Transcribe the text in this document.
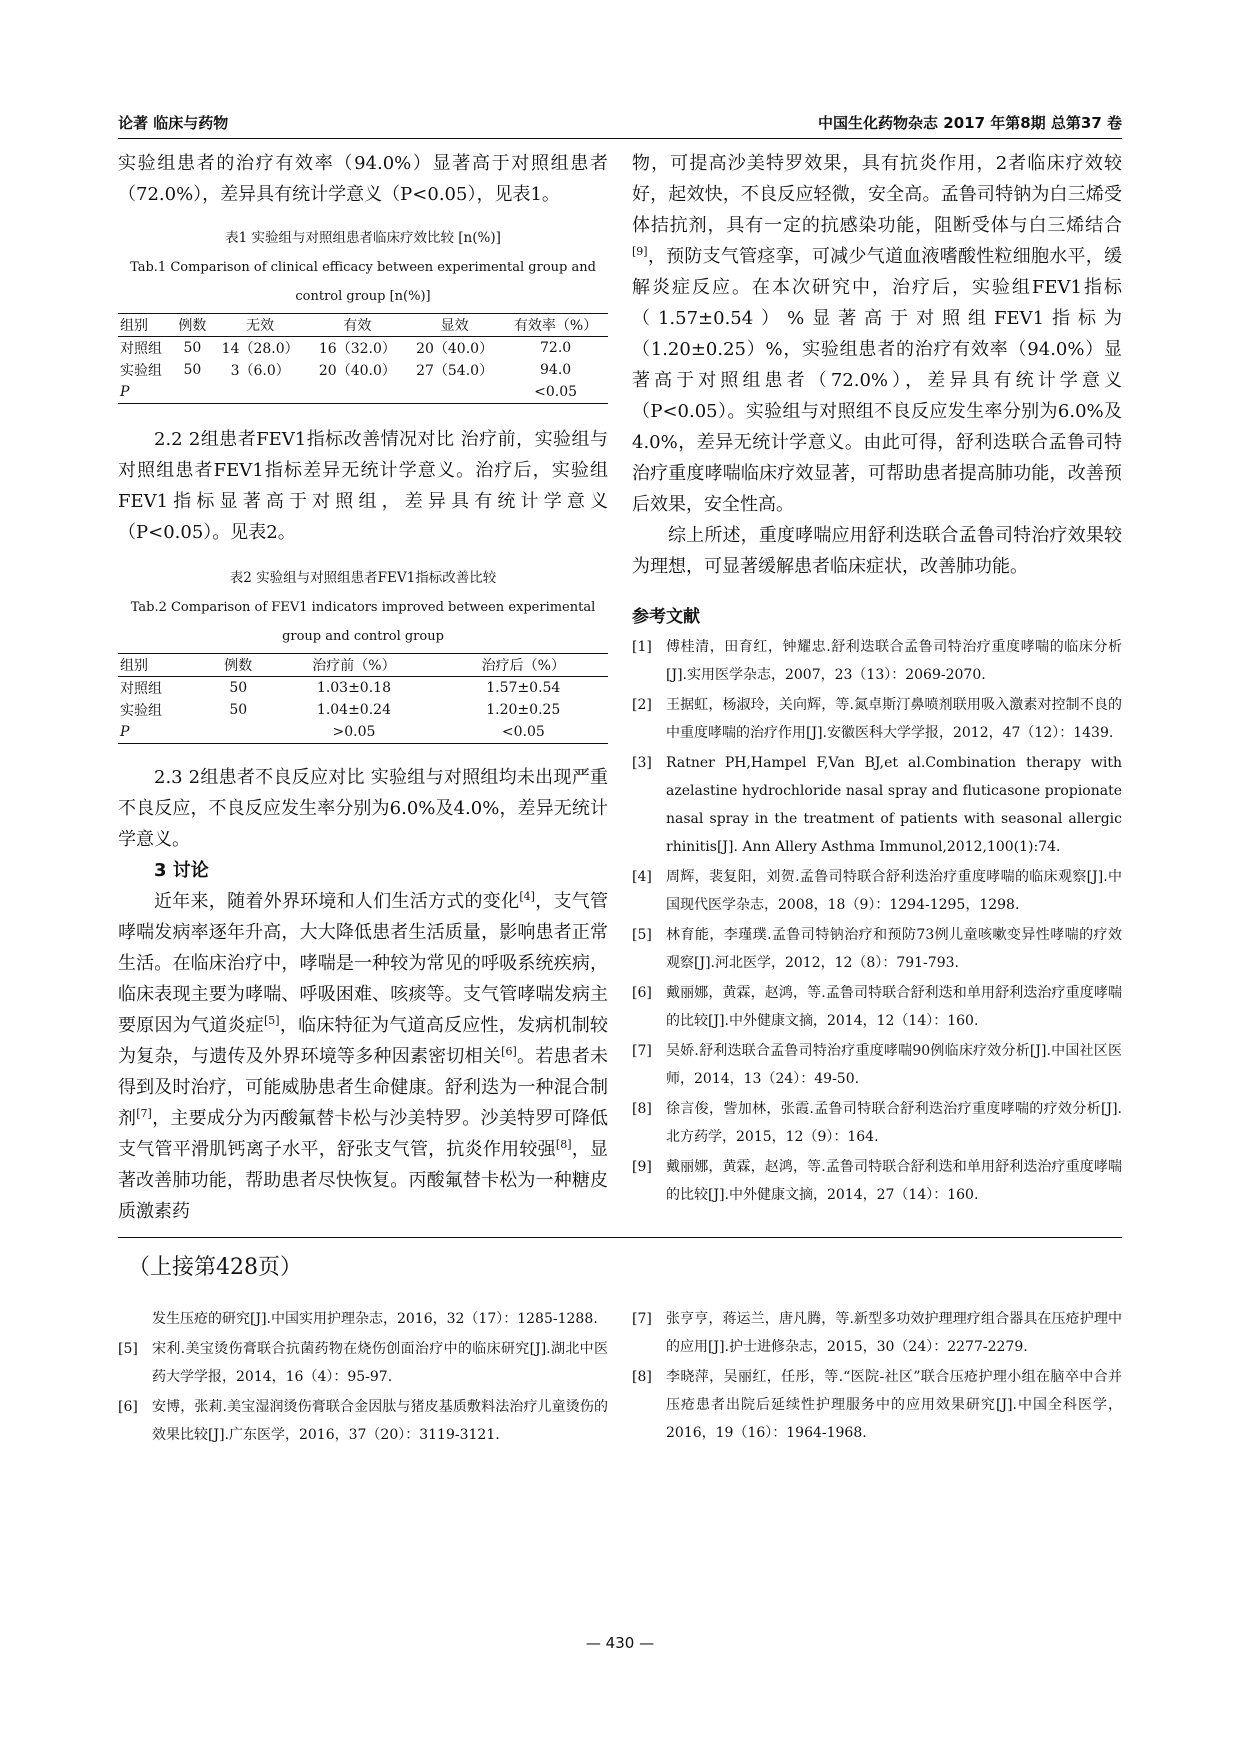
论著 临床与药物	中国生化药物杂志 2017 年第8期 总第37 卷

实验组患者的治疗有效率（94.0%）显著高于对照组患者（72.0%），差异具有统计学意义（P<0.05），见表1。

表1 实验组与对照组患者临床疗效比较 [n(%)]
Tab.1 Comparison of clinical efficacy between experimental group and control group [n(%)]
组别	例数	无效	有效	显效	有效率（%）
对照组	50	14（28.0）	16（32.0）	20（40.0）	72.0
实验组	50	3（6.0）	20（40.0）	27（54.0）	94.0
P					<0.05

2.2 2组患者FEV1指标改善情况对比 治疗前，实验组与对照组患者FEV1指标差异无统计学意义。治疗后，实验组FEV1指标显著高于对照组，差异具有统计学意义（P<0.05）。见表2。

表2 实验组与对照组患者FEV1指标改善比较
Tab.2 Comparison of FEV1 indicators improved between experimental group and control group
组别	例数	治疗前（%）	治疗后（%）
对照组	50	1.03±0.18	1.57±0.54
实验组	50	1.04±0.24	1.20±0.25
P		>0.05	<0.05

2.3 2组患者不良反应对比 实验组与对照组均未出现严重不良反应，不良反应发生率分别为6.0%及4.0%，差异无统计学意义。

3 讨论

近年来，随着外界环境和人们生活方式的变化[4]，支气管哮喘发病率逐年升高，大大降低患者生活质量，影响患者正常生活。在临床治疗中，哮喘是一种较为常见的呼吸系统疾病，临床表现主要为哮喘、呼吸困难、咳痰等。支气管哮喘发病主要原因为气道炎症[5]，临床特征为气道高反应性，发病机制较为复杂，与遗传及外界环境等多种因素密切相关[6]。若患者未得到及时治疗，可能威胁患者生命健康。舒利迭为一种混合制剂[7]，主要成分为丙酸氟替卡松与沙美特罗。沙美特罗可降低支气管平滑肌钙离子水平，舒张支气管，抗炎作用较强[8]，显著改善肺功能，帮助患者尽快恢复。丙酸氟替卡松为一种糖皮质激素药

物，可提高沙美特罗效果，具有抗炎作用，2者临床疗效较好，起效快，不良反应轻微，安全高。孟鲁司特钠为白三烯受体拮抗剂，具有一定的抗感染功能，阻断受体与白三烯结合[9]，预防支气管痉挛，可减少气道血液嗜酸性粒细胞水平，缓解炎症反应。在本次研究中，治疗后，实验组FEV1指标（1.57±0.54）%显著高于对照组FEV1指标为（1.20±0.25）%，实验组患者的治疗有效率（94.0%）显著高于对照组患者（72.0%），差异具有统计学意义（P<0.05）。实验组与对照组不良反应发生率分别为6.0%及4.0%，差异无统计学意义。由此可得，舒利迭联合孟鲁司特治疗重度哮喘临床疗效显著，可帮助患者提高肺功能，改善预后效果，安全性高。

综上所述，重度哮喘应用舒利迭联合孟鲁司特治疗效果较为理想，可显著缓解患者临床症状，改善肺功能。

参考文献
[1] 傅桂清，田育红，钟耀忠.舒利迭联合孟鲁司特治疗重度哮喘的临床分析[J].实用医学杂志，2007，23（13）：2069-2070.
[2] 王据虹，杨淑玲，关向辉，等.氮卓斯汀鼻喷剂联用吸入激素对控制不良的中重度哮喘的治疗作用[J].安徽医科大学学报，2012，47（12）：1439.
[3] Ratner PH,Hampel F,Van BJ,et al.Combination therapy with azelastine hydrochloride nasal spray and fluticasone propionate nasal spray in the treatment of patients with seasonal allergic rhinitis[J]. Ann Allery Asthma Immunol,2012,100(1):74.
[4] 周辉，裴复阳，刘贺.孟鲁司特联合舒利迭治疗重度哮喘的临床观察[J].中国现代医学杂志，2008，18（9）：1294-1295，1298.
[5] 林育能，李瑾璞.孟鲁司特钠治疗和预防73例儿童咳嗽变异性哮喘的疗效观察[J].河北医学，2012，12（8）：791-793.
[6] 戴丽娜，黄霖，赵鸿，等.孟鲁司特联合舒利迭和单用舒利迭治疗重度哮喘的比较[J].中外健康文摘，2014，12（14）：160.
[7] 吴娇.舒利迭联合孟鲁司特治疗重度哮喘90例临床疗效分析[J].中国社区医师，2014，13（24）：49-50.
[8] 徐言俊，訾加林，张霞.孟鲁司特联合舒利迭治疗重度哮喘的疗效分析[J].北方药学，2015，12（9）：164.
[9] 戴丽娜，黄霖，赵鸿，等.孟鲁司特联合舒利迭和单用舒利迭治疗重度哮喘的比较[J].中外健康文摘，2014，27（14）：160.
（上接第428页）
发生压疮的研究[J].中国实用护理杂志，2016，32（17）：1285-1288.
[5] 宋利.美宝烫伤膏联合抗菌药物在烧伤创面治疗中的临床研究[J].湖北中医药大学学报，2014，16（4）：95-97.
[6] 安博，张莉.美宝湿润烫伤膏联合金因肽与猪皮基质敷料法治疗儿童烫伤的效果比较[J].广东医学，2016，37（20）：3119-3121.
[7] 张亨亨，蒋运兰，唐凡腾，等.新型多功效护理理疗组合器具在压疮护理中的应用[J].护士进修杂志，2015，30（24）：2277-2279.
[8] 李晓萍，吴丽红，任彤，等.“医院-社区”联合压疮护理小组在脑卒中合并压疮患者出院后延续性护理服务中的应用效果研究[J].中国全科医学，2016，19（16）：1964-1968.
— 430 —
